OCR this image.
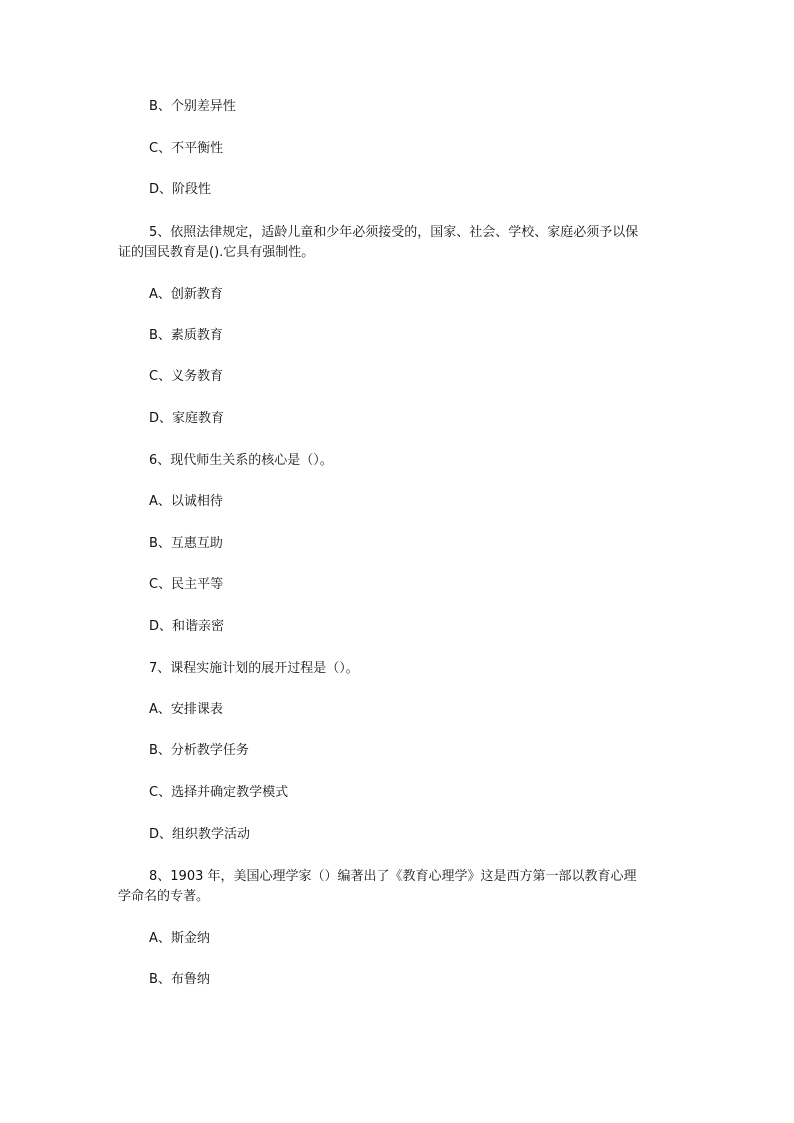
B、个别差异性
C、不平衡性
D、阶段性
5、依照法律规定，适龄儿童和少年必须接受的，国家、社会、学校、家庭必须予以保
证的国民教育是().它具有强制性。
A、创新教育
B、素质教育
C、义务教育
D、家庭教育
6、现代师生关系的核心是（）。
A、以诚相待
B、互惠互助
C、民主平等
D、和谐亲密
7、课程实施计划的展开过程是（）。
A、安排课表
B、分析教学任务
C、选择并确定教学模式
D、组织教学活动
8、1903 年，美国心理学家（）编著出了《教育心理学》这是西方第一部以教育心理
学命名的专著。
A、斯金纳
B、布鲁纳
